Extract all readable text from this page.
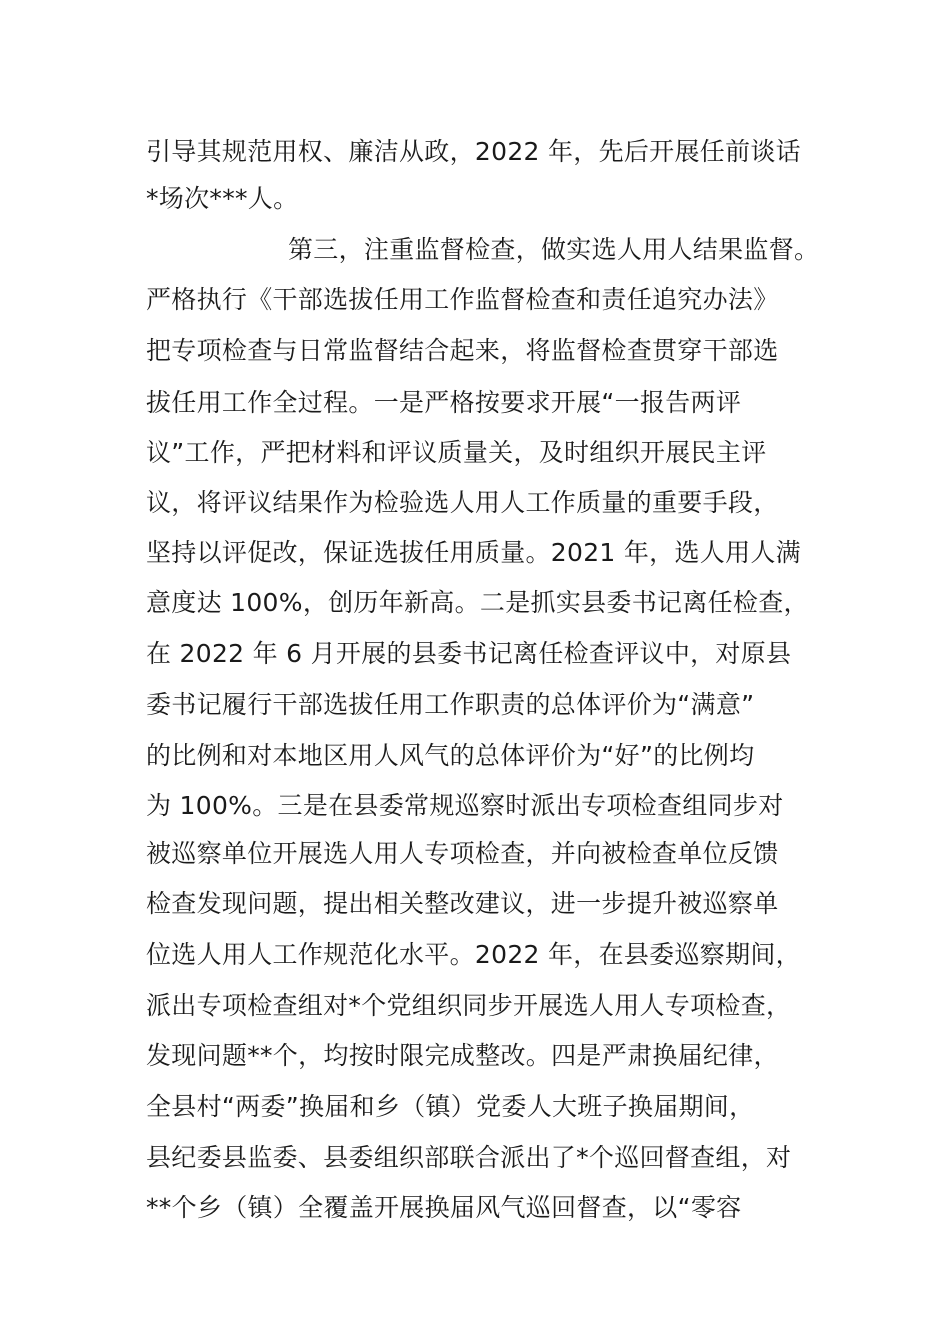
引导其规范用权、廉洁从政，2022 年，先后开展任前谈话
*场次***人。
第三，注重监督检查，做实选人用人结果监督。
严格执行《干部选拔任用工作监督检查和责任追究办法》
把专项检查与日常监督结合起来，将监督检查贯穿干部选
拔任用工作全过程。一是严格按要求开展“一报告两评
议”工作，严把材料和评议质量关，及时组织开展民主评
议，将评议结果作为检验选人用人工作质量的重要手段，
坚持以评促改，保证选拔任用质量。2021 年，选人用人满
意度达 100%，创历年新高。二是抓实县委书记离任检查，
在 2022 年 6 月开展的县委书记离任检查评议中，对原县
委书记履行干部选拔任用工作职责的总体评价为“满意”
的比例和对本地区用人风气的总体评价为“好”的比例均
为 100%。三是在县委常规巡察时派出专项检查组同步对
被巡察单位开展选人用人专项检查，并向被检查单位反馈
检查发现问题，提出相关整改建议，进一步提升被巡察单
位选人用人工作规范化水平。2022 年，在县委巡察期间，
派出专项检查组对*个党组织同步开展选人用人专项检查，
发现问题**个，均按时限完成整改。四是严肃换届纪律，
全县村“两委”换届和乡（镇）党委人大班子换届期间，
县纪委县监委、县委组织部联合派出了*个巡回督查组，对
**个乡（镇）全覆盖开展换届风气巡回督查，以“零容
